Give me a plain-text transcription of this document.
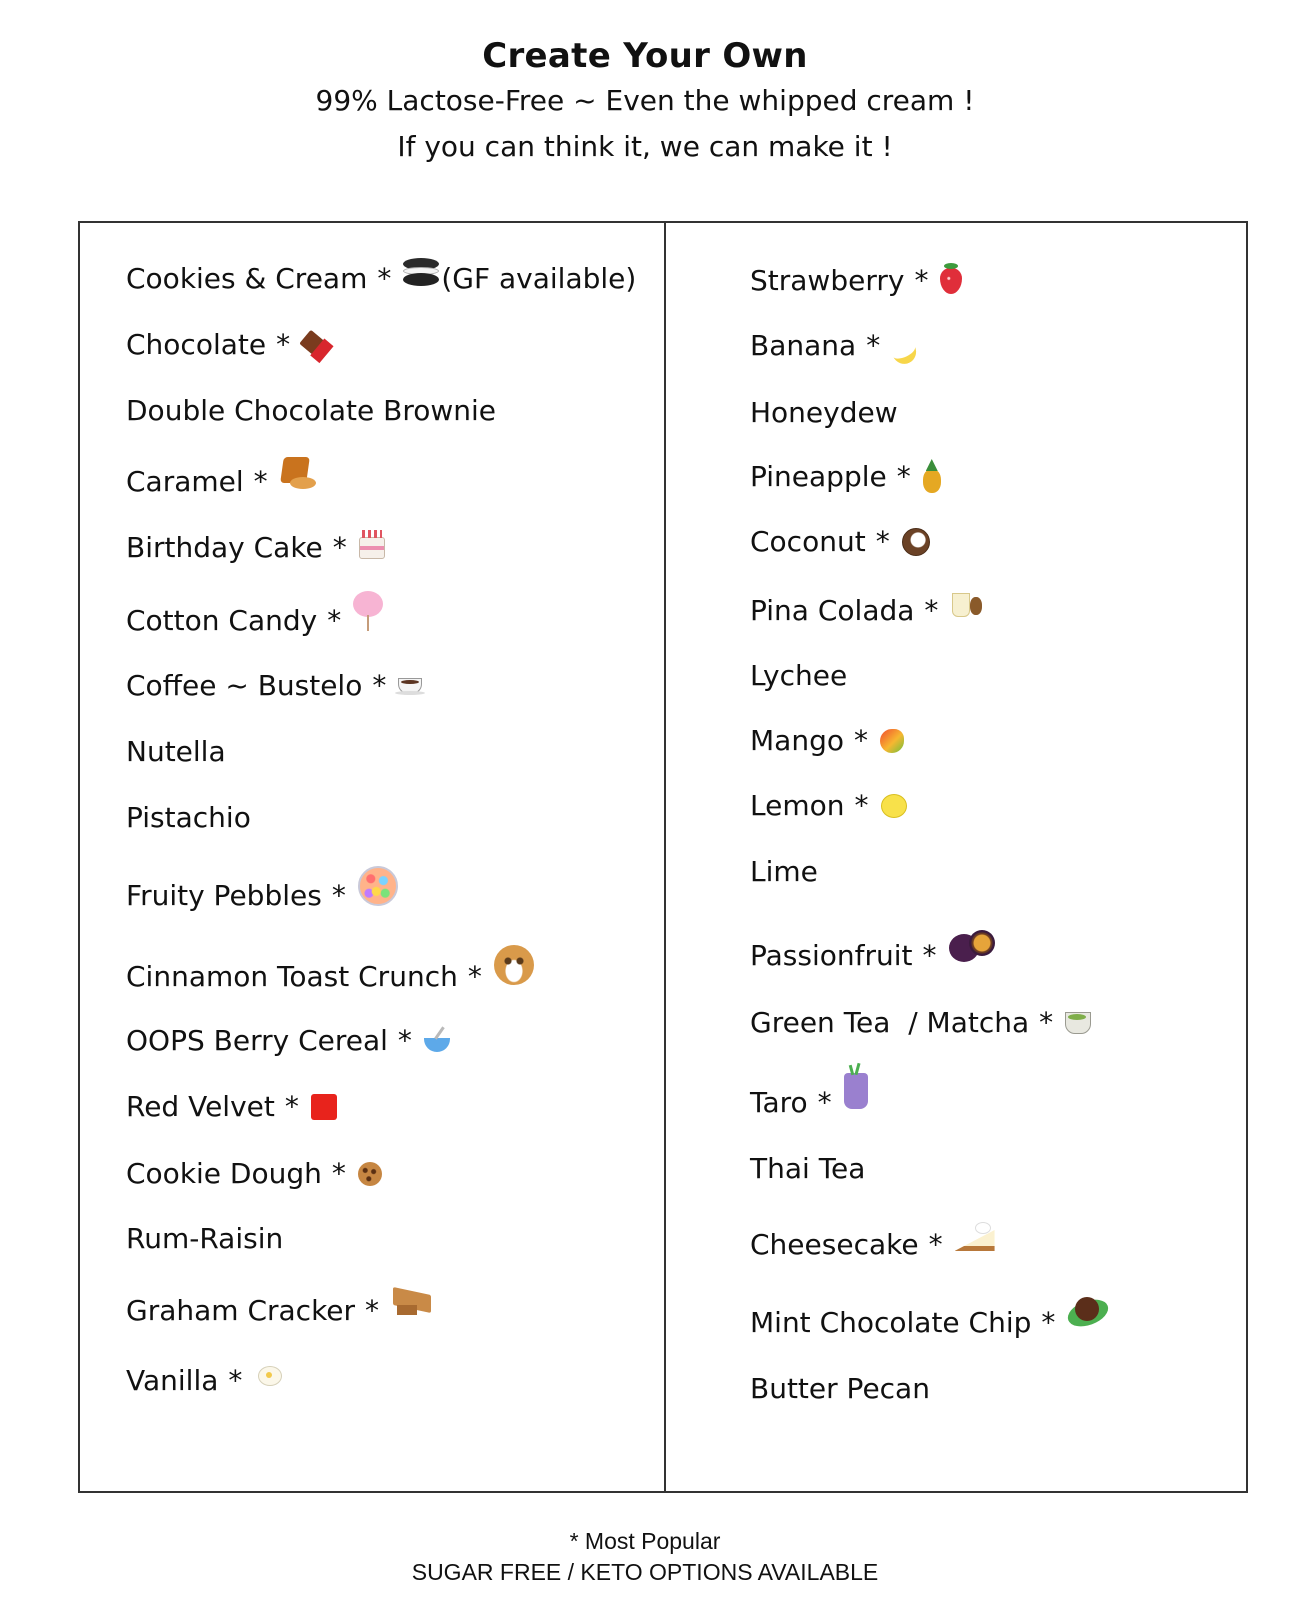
Create Your Own
99% Lactose-Free ~ Even the whipped cream !
If you can think it, we can make it !
Cookies & Cream * (GF available)
Chocolate *
Double Chocolate Brownie
Caramel *
Birthday Cake *
Cotton Candy *
Coffee ~ Bustelo *
Nutella
Pistachio
Fruity Pebbles *
Cinnamon Toast Crunch *
OOPS Berry Cereal *
Red Velvet *
Cookie Dough *
Rum-Raisin
Graham Cracker *
Vanilla *
Strawberry *
Banana *
Honeydew
Pineapple *
Coconut *
Pina Colada *
Lychee
Mango *
Lemon *
Lime
Passionfruit *
Green Tea  / Matcha *
Taro *
Thai Tea
Cheesecake *
Mint Chocolate Chip *
Butter Pecan
* Most Popular
SUGAR FREE / KETO OPTIONS AVAILABLE
